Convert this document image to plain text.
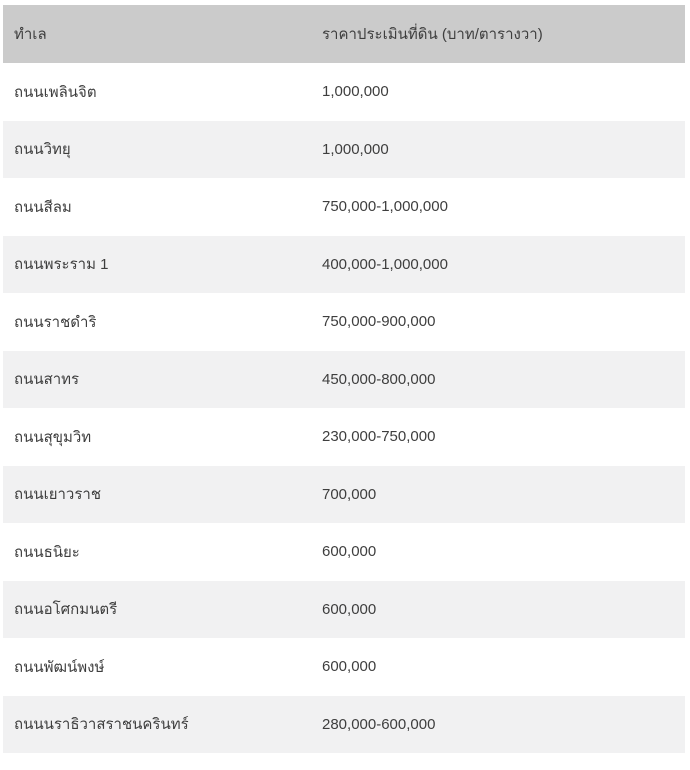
ทำเล	ราคาประเมินที่ดิน (บาท/ตารางวา)
ถนนเพลินจิต	1,000,000
ถนนวิทยุ	1,000,000
ถนนสีลม	750,000-1,000,000
ถนนพระราม 1	400,000-1,000,000
ถนนราชดำริ	750,000-900,000
ถนนสาทร	450,000-800,000
ถนนสุขุมวิท	230,000-750,000
ถนนเยาวราช	700,000
ถนนธนิยะ	600,000
ถนนอโศกมนตรี	600,000
ถนนพัฒน์พงษ์	600,000
ถนนนราธิวาสราชนครินทร์	280,000-600,000
